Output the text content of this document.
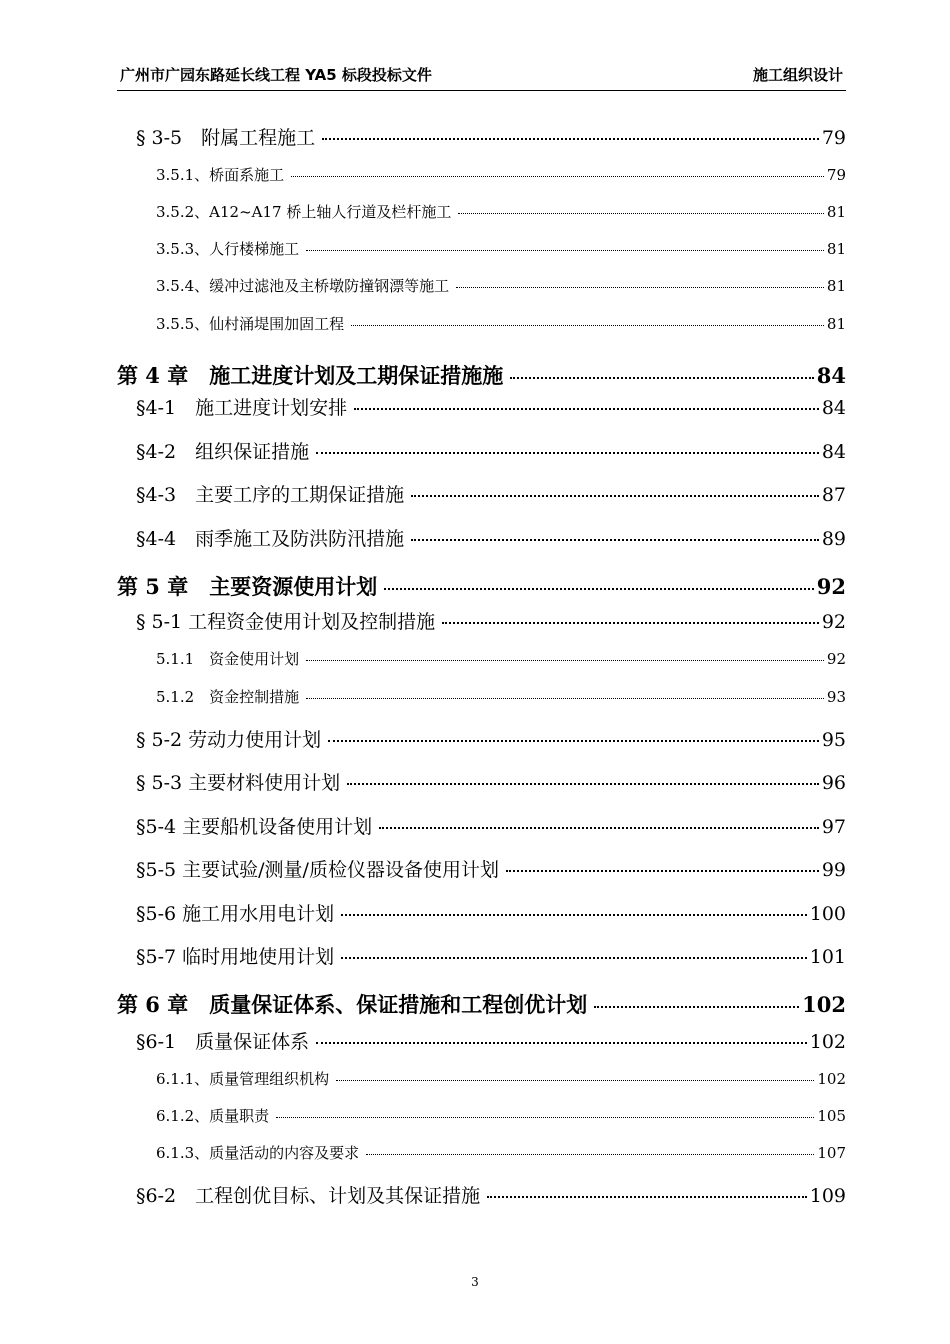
广州市广园东路延长线工程 YA5 标段投标文件	施工组织设计
§ 3-5　附属工程施工	79
3.5.1、桥面系施工	79
3.5.2、A12~A17 桥上轴人行道及栏杆施工	81
3.5.3、人行楼梯施工	81
3.5.4、缓冲过滤池及主桥墩防撞钢漂等施工	81
3.5.5、仙村涌堤围加固工程	81
第 4 章　施工进度计划及工期保证措施施	84
§4-1　施工进度计划安排	84
§4-2　组织保证措施	84
§4-3　主要工序的工期保证措施	87
§4-4　雨季施工及防洪防汛措施	89
第 5 章　主要资源使用计划	92
§ 5-1 工程资金使用计划及控制措施	92
5.1.1　资金使用计划	92
5.1.2　资金控制措施	93
§ 5-2 劳动力使用计划	95
§ 5-3 主要材料使用计划	96
§5-4 主要船机设备使用计划	97
§5-5 主要试验/测量/质检仪器设备使用计划	99
§5-6 施工用水用电计划	100
§5-7 临时用地使用计划	101
第 6 章　质量保证体系、保证措施和工程创优计划	102
§6-1　质量保证体系	102
6.1.1、质量管理组织机构	102
6.1.2、质量职责	105
6.1.3、质量活动的内容及要求	107
§6-2　工程创优目标、计划及其保证措施	109
3
